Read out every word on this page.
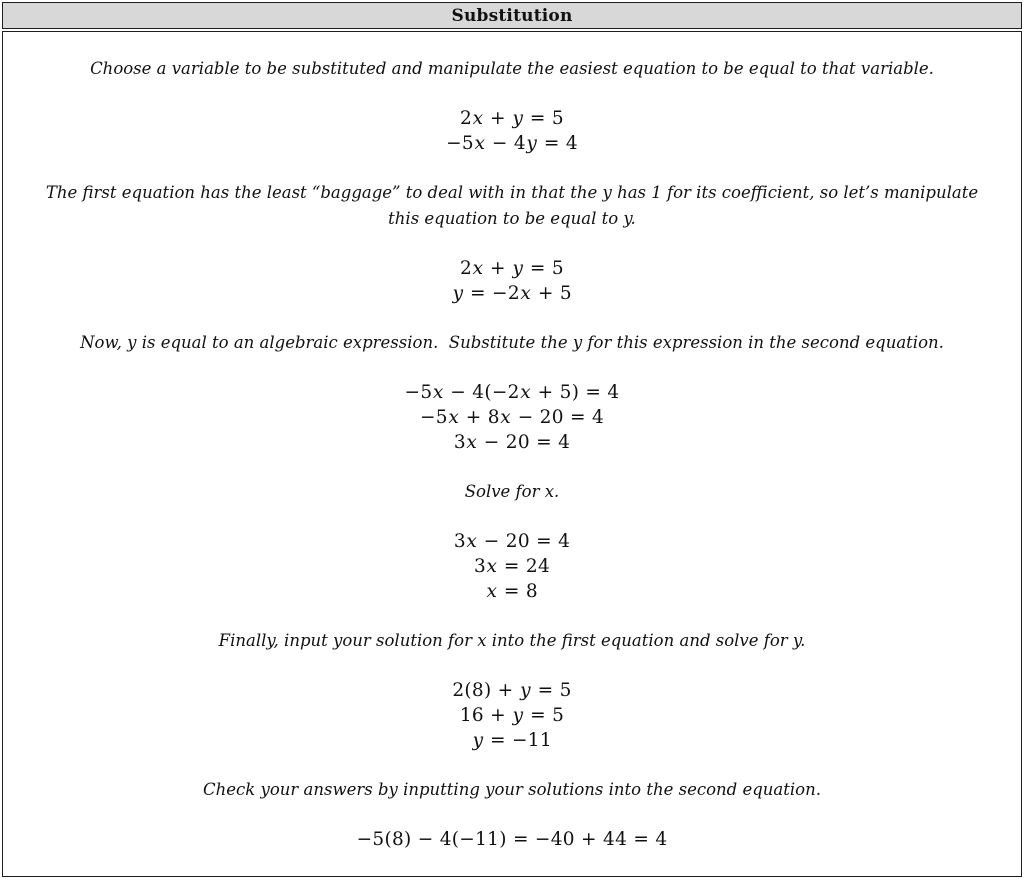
Substitution
Choose a variable to be substituted and manipulate the easiest equation to be equal to that variable.
2x + y = 5
−5x − 4y = 4
The first equation has the least “baggage” to deal with in that the y has 1 for its coefficient, so let’s manipulate
this equation to be equal to y.
2x + y = 5
y = −2x + 5
Now, y is equal to an algebraic expression.  Substitute the y for this expression in the second equation.
−5x − 4(−2x + 5) = 4
−5x + 8x − 20 = 4
3x − 20 = 4
Solve for x.
3x − 20 = 4
3x = 24
x = 8
Finally, input your solution for x into the first equation and solve for y.
2(8) + y = 5
16 + y = 5
y = −11
Check your answers by inputting your solutions into the second equation.
−5(8) − 4(−11) = −40 + 44 = 4
